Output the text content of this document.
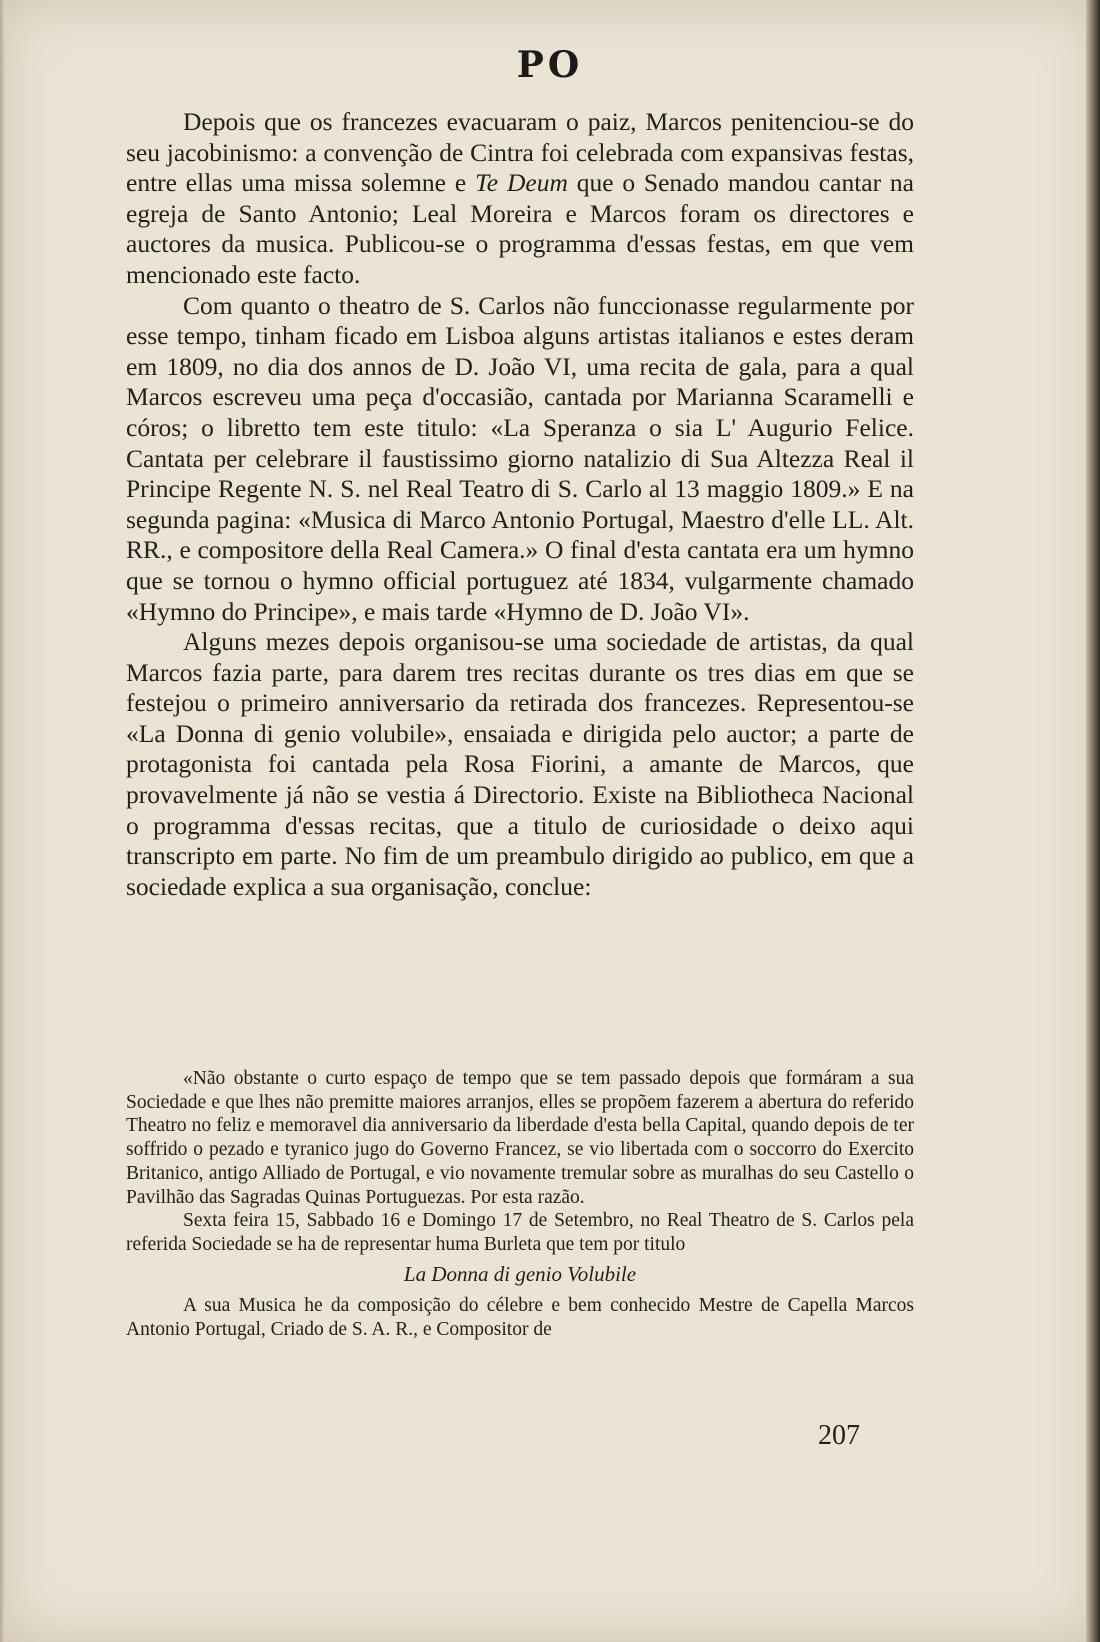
PO

Depois que os francezes evacuaram o paiz, Marcos penitenciou-se do seu jacobinismo: a convenção de Cintra foi celebrada com expansivas festas, entre ellas uma missa solemne e Te Deum que o Senado mandou cantar na egreja de Santo Antonio; Leal Moreira e Marcos foram os directores e auctores da musica. Publicou-se o programma d'essas festas, em que vem mencionado este facto.

Com quanto o theatro de S. Carlos não funccionasse regularmente por esse tempo, tinham ficado em Lisboa alguns artistas italianos e estes deram em 1809, no dia dos annos de D. João VI, uma recita de gala, para a qual Marcos escreveu uma peça d'occasião, cantada por Marianna Scaramelli e córos; o libretto tem este titulo: «La Speranza o sia L' Augurio Felice. Cantata per celebrare il faustissimo giorno natalizio di Sua Altezza Real il Principe Regente N. S. nel Real Teatro di S. Carlo al 13 maggio 1809.» E na segunda pagina: «Musica di Marco Antonio Portugal, Maestro d'elle LL. Alt. RR., e compositore della Real Camera.» O final d'esta cantata era um hymno que se tornou o hymno official portuguez até 1834, vulgarmente chamado «Hymno do Principe», e mais tarde «Hymno de D. João VI».

Alguns mezes depois organisou-se uma sociedade de artistas, da qual Marcos fazia parte, para darem tres recitas durante os tres dias em que se festejou o primeiro anniversario da retirada dos francezes. Representou-se «La Donna di genio volubile», ensaiada e dirigida pelo auctor; a parte de protagonista foi cantada pela Rosa Fiorini, a amante de Marcos, que provavelmente já não se vestia á Directorio. Existe na Bibliotheca Nacional o programma d'essas recitas, que a titulo de curiosidade o deixo aqui transcripto em parte. No fim de um preambulo dirigido ao publico, em que a sociedade explica a sua organisação, conclue:

«Não obstante o curto espaço de tempo que se tem passado depois que formáram a sua Sociedade e que lhes não premitte maiores arranjos, elles se propõem fazerem a abertura do referido Theatro no feliz e memoravel dia anniversario da liberdade d'esta bella Capital, quando depois de ter soffrido o pezado e tyranico jugo do Governo Francez, se vio libertada com o soccorro do Exercito Britanico, antigo Alliado de Portugal, e vio novamente tremular sobre as muralhas do seu Castello o Pavilhão das Sagradas Quinas Portuguezas. Por esta razão.

Sexta feira 15, Sabbado 16 e Domingo 17 de Setembro, no Real Theatro de S. Carlos pela referida Sociedade se ha de representar huma Burleta que tem por titulo

La Donna di genio Volubile

A sua Musica he da composição do célebre e bem conhecido Mestre de Capella Marcos Antonio Portugal, Criado de S. A. R., e Compositor de

207
